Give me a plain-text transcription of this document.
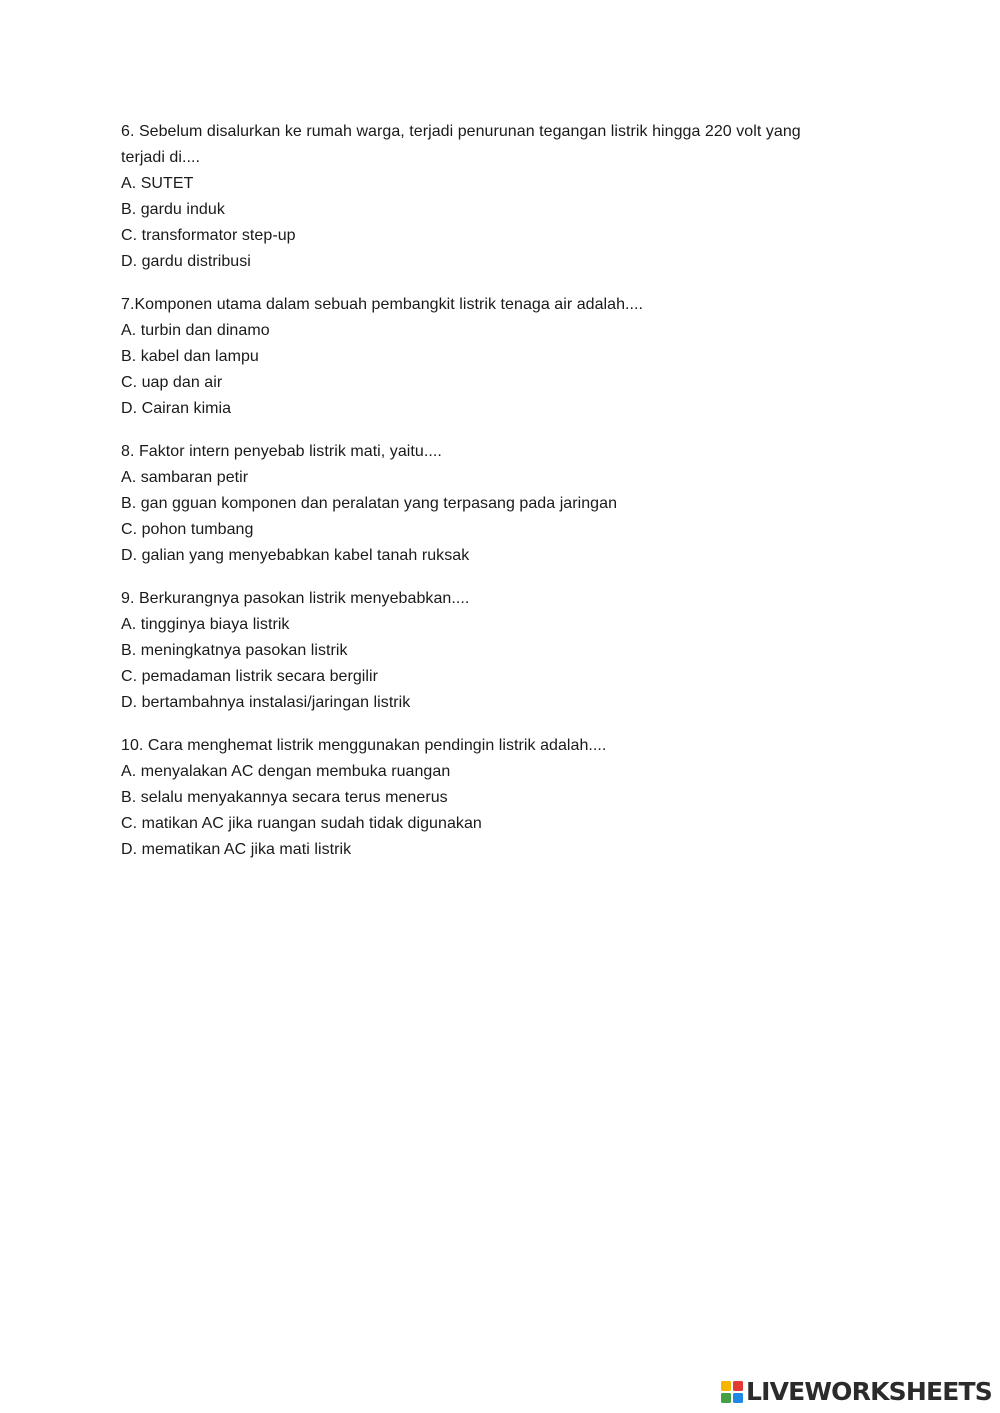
6. Sebelum disalurkan ke rumah warga, terjadi penurunan tegangan listrik hingga 220 volt yang terjadi di....

A. SUTET
B. gardu induk
C. transformator step-up
D. gardu distribusi

7.Komponen utama dalam sebuah pembangkit listrik tenaga air adalah....

A. turbin dan dinamo
B. kabel dan lampu
C. uap dan air
D. Cairan kimia

8. Faktor intern penyebab listrik mati, yaitu....

A. sambaran petir
B. gan gguan komponen dan peralatan yang terpasang pada jaringan
C. pohon tumbang
D. galian yang menyebabkan kabel tanah ruksak

9. Berkurangnya pasokan listrik menyebabkan....

A. tingginya biaya listrik
B. meningkatnya pasokan listrik
C. pemadaman listrik secara bergilir
D. bertambahnya instalasi/jaringan listrik

10. Cara menghemat listrik menggunakan pendingin listrik adalah....

A. menyalakan AC dengan membuka ruangan
B. selalu menyakannya secara terus menerus
C. matikan AC jika ruangan sudah tidak digunakan
D. mematikan AC jika mati listrik
LIVEWORKSHEETS
